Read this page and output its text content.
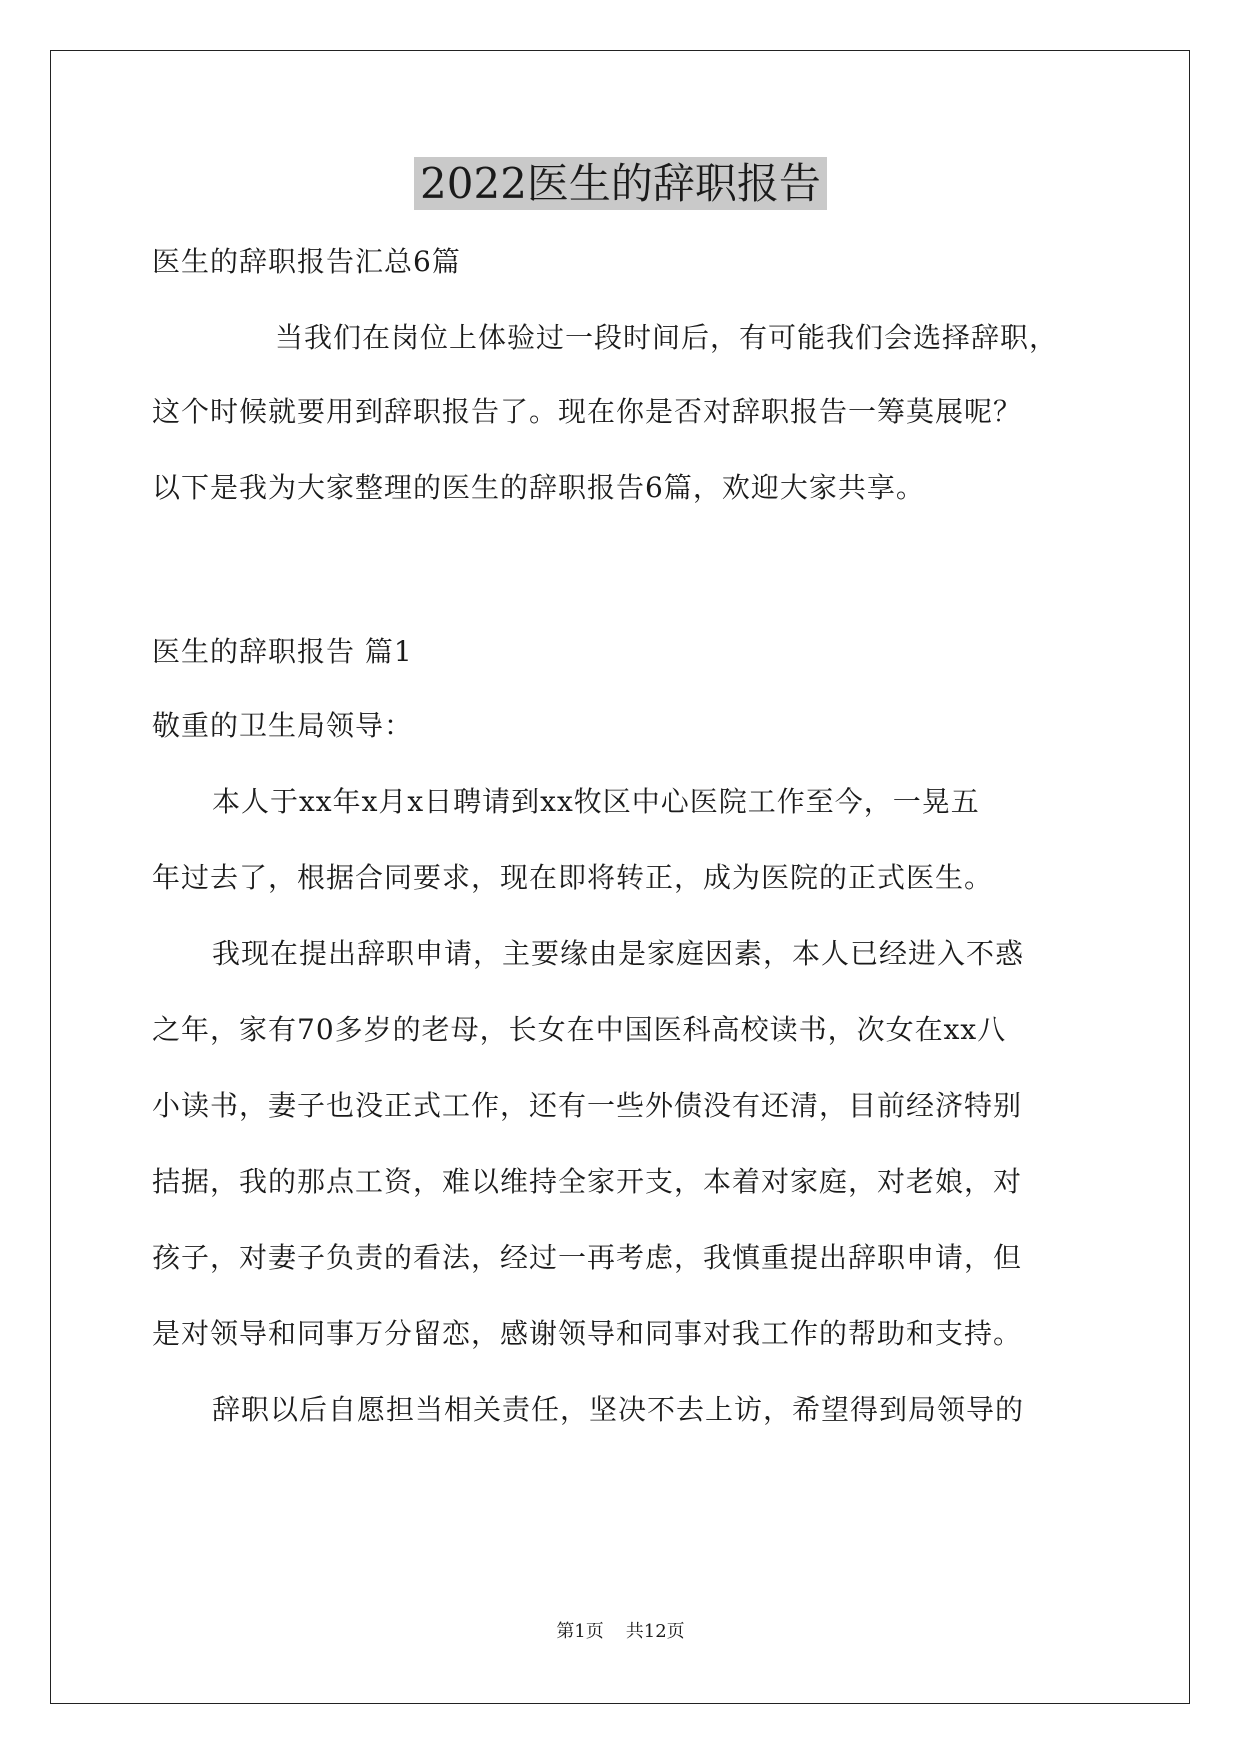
2022医生的辞职报告
医生的辞职报告汇总6篇
当我们在岗位上体验过一段时间后，有可能我们会选择辞职，
这个时候就要用到辞职报告了。现在你是否对辞职报告一筹莫展呢？
以下是我为大家整理的医生的辞职报告6篇，欢迎大家共享。
医生的辞职报告 篇1
敬重的卫生局领导：
本人于xx年x月x日聘请到xx牧区中心医院工作至今，一晃五
年过去了，根据合同要求，现在即将转正，成为医院的正式医生。
我现在提出辞职申请，主要缘由是家庭因素，本人已经进入不惑
之年，家有70多岁的老母，长女在中国医科高校读书，次女在xx八
小读书，妻子也没正式工作，还有一些外债没有还清，目前经济特别
拮据，我的那点工资，难以维持全家开支，本着对家庭，对老娘，对
孩子，对妻子负责的看法，经过一再考虑，我慎重提出辞职申请，但
是对领导和同事万分留恋，感谢领导和同事对我工作的帮助和支持。
辞职以后自愿担当相关责任，坚决不去上访，希望得到局领导的
第1页 共12页
